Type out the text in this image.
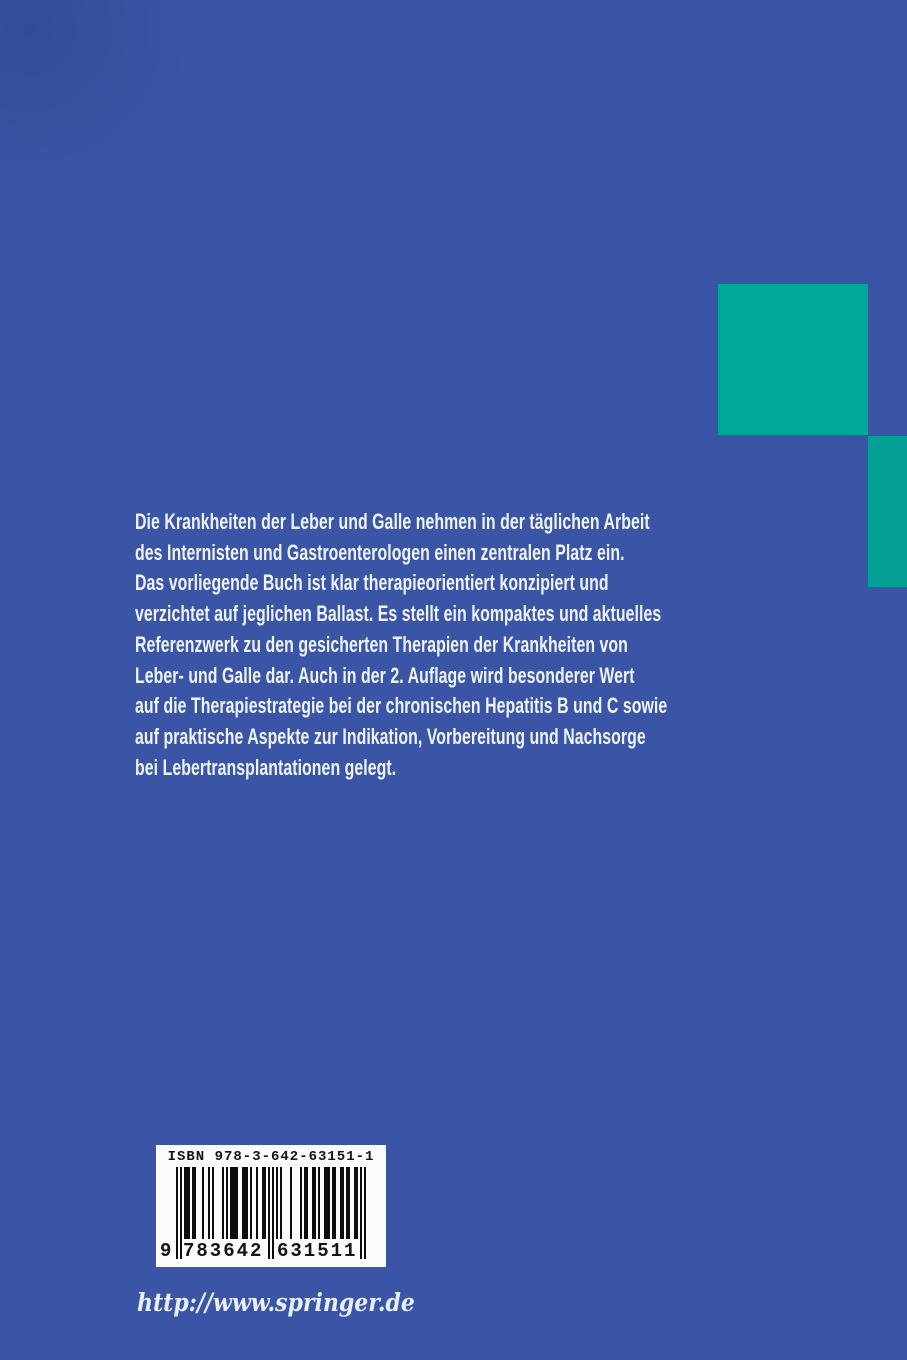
Die Krankheiten der Leber und Galle nehmen in der täglichen Arbeit
des Internisten und Gastroenterologen einen zentralen Platz ein.
Das vorliegende Buch ist klar therapieorientiert konzipiert und
verzichtet auf jeglichen Ballast. Es stellt ein kompaktes und aktuelles
Referenzwerk zu den gesicherten Therapien der Krankheiten von
Leber- und Galle dar. Auch in der 2. Auflage wird besonderer Wert
auf die Therapiestrategie bei der chronischen Hepatitis B und C sowie
auf praktische Aspekte zur Indikation, Vorbereitung und Nachsorge
bei Lebertransplantationen gelegt.
ISBN 978-3-642-63151-1
9 783642 631511
http://www.springer.de
